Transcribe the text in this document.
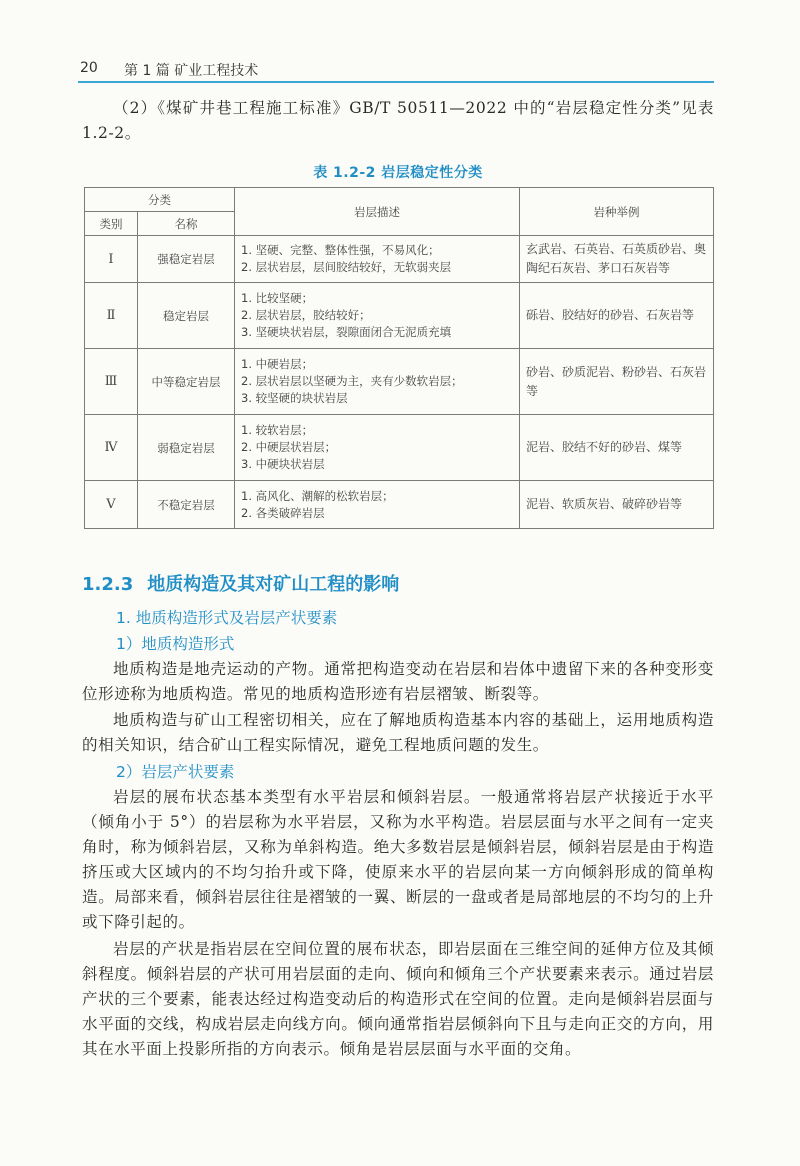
20 第 1 篇 矿业工程技术

（2）《煤矿井巷工程施工标准》GB/T 50511—2022 中的“岩层稳定性分类”见表 1.2-2。

表 1.2-2 岩层稳定性分类
分类		岩层描述	岩种举例
类别	名称		
Ⅰ	强稳定岩层	1. 坚硬、完整、整体性强，不易风化；
2. 层状岩层，层间胶结较好，无软弱夹层	玄武岩、石英岩、石英质砂岩、奥陶纪石灰岩、茅口石灰岩等
Ⅱ	稳定岩层	1. 比较坚硬；
2. 层状岩层，胶结较好；
3. 坚硬块状岩层，裂隙面闭合无泥质充填	砾岩、胶结好的砂岩、石灰岩等
Ⅲ	中等稳定岩层	1. 中硬岩层；
2. 层状岩层以坚硬为主，夹有少数软岩层；
3. 较坚硬的块状岩层	砂岩、砂质泥岩、粉砂岩、石灰岩等
Ⅳ	弱稳定岩层	1. 较软岩层；
2. 中硬层状岩层；
3. 中硬块状岩层	泥岩、胶结不好的砂岩、煤等
Ⅴ	不稳定岩层	1. 高风化、潮解的松软岩层；
2. 各类破碎岩层	泥岩、软质灰岩、破碎砂岩等
1.2.3 地质构造及其对矿山工程的影响
1. 地质构造形式及岩层产状要素
1）地质构造形式

地质构造是地壳运动的产物。通常把构造变动在岩层和岩体中遗留下来的各种变形变位形迹称为地质构造。常见的地质构造形迹有岩层褶皱、断裂等。

地质构造与矿山工程密切相关，应在了解地质构造基本内容的基础上，运用地质构造的相关知识，结合矿山工程实际情况，避免工程地质问题的发生。

2）岩层产状要素

岩层的展布状态基本类型有水平岩层和倾斜岩层。一般通常将岩层产状接近于水平（倾角小于 5°）的岩层称为水平岩层，又称为水平构造。岩层层面与水平之间有一定夹角时，称为倾斜岩层，又称为单斜构造。绝大多数岩层是倾斜岩层，倾斜岩层是由于构造挤压或大区域内的不均匀抬升或下降，使原来水平的岩层向某一方向倾斜形成的简单构造。局部来看，倾斜岩层往往是褶皱的一翼、断层的一盘或者是局部地层的不均匀的上升或下降引起的。

岩层的产状是指岩层在空间位置的展布状态，即岩层面在三维空间的延伸方位及其倾斜程度。倾斜岩层的产状可用岩层面的走向、倾向和倾角三个产状要素来表示。通过岩层产状的三个要素，能表达经过构造变动后的构造形式在空间的位置。走向是倾斜岩层面与水平面的交线，构成岩层走向线方向。倾向通常指岩层倾斜向下且与走向正交的方向，用其在水平面上投影所指的方向表示。倾角是岩层层面与水平面的交角。
